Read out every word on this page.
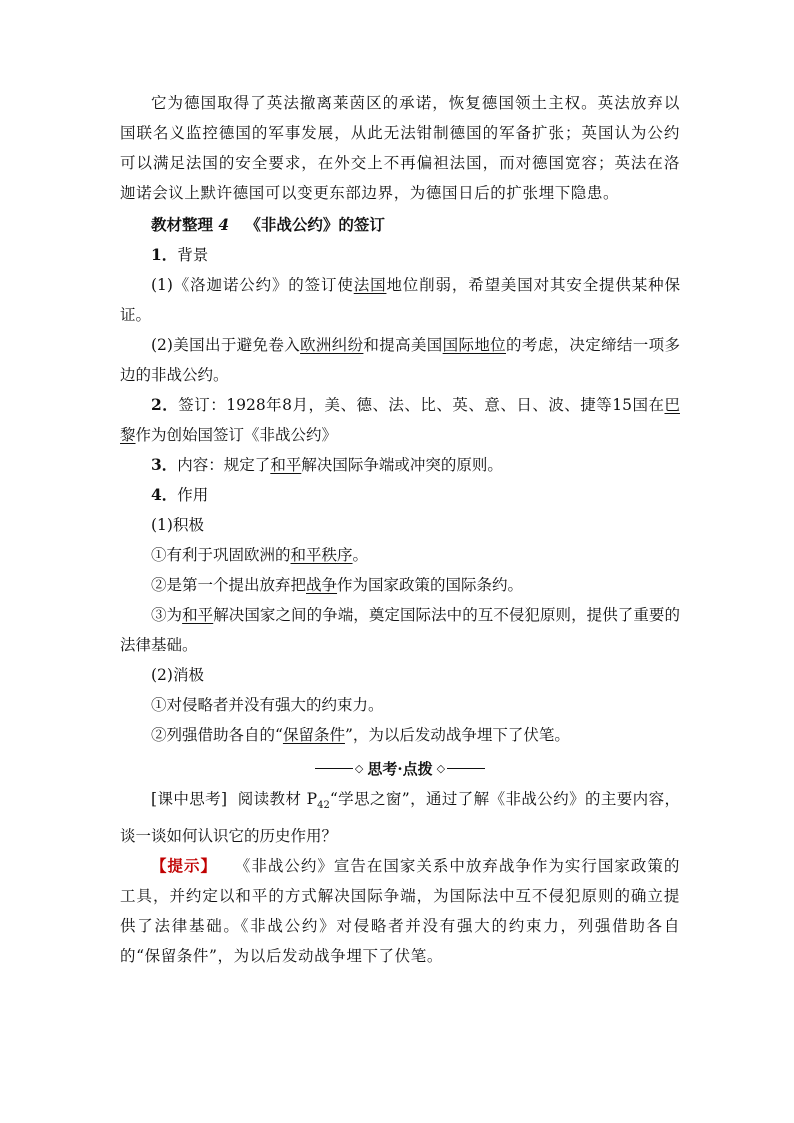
它为德国取得了英法撤离莱茵区的承诺，恢复德国领土主权。英法放弃以国联名义监控德国的军事发展，从此无法钳制德国的军备扩张；英国认为公约可以满足法国的安全要求，在外交上不再偏袒法国，而对德国宽容；英法在洛迦诺会议上默许德国可以变更东部边界，为德国日后的扩张埋下隐患。

教材整理 4 《非战公约》的签订

1．背景

(1)《洛迦诺公约》的签订使法国地位削弱，希望美国对其安全提供某种保证。

(2)美国出于避免卷入欧洲纠纷和提高美国国际地位的考虑，决定缔结一项多边的非战公约。

2．签订：1928年8月，美、德、法、比、英、意、日、波、捷等15国在巴黎作为创始国签订《非战公约》

3．内容：规定了和平解决国际争端或冲突的原则。

4．作用

(1)积极

①有利于巩固欧洲的和平秩序。

②是第一个提出放弃把战争作为国家政策的国际条约。

③为和平解决国家之间的争端，奠定国际法中的互不侵犯原则，提供了重要的法律基础。

(2)消极

①对侵略者并没有强大的约束力。

②列强借助各自的“保留条件”，为以后发动战争埋下了伏笔。

◇ 思考·点拨 ◇

[课中思考] 阅读教材 $P_{42}“$学思之窗”，通过了解《非战公约》的主要内容，谈一谈如何认识它的历史作用？

【提示】 《非战公约》宣告在国家关系中放弃战争作为实行国家政策的工具，并约定以和平的方式解决国际争端，为国际法中互不侵犯原则的确立提供了法律基础。《非战公约》对侵略者并没有强大的约束力，列强借助各自的“保留条件”，为以后发动战争埋下了伏笔。
